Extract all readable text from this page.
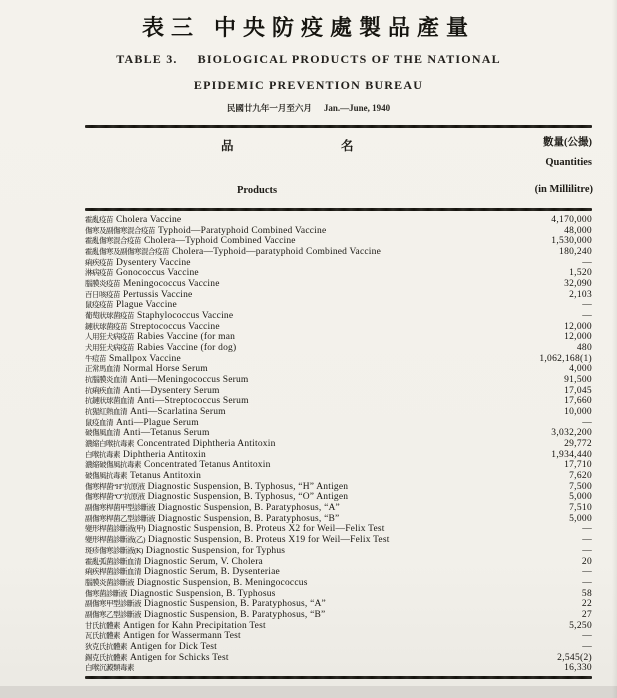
表三 中央防疫處製品產量
TABLE 3. BIOLOGICAL PRODUCTS OF THE NATIONAL
EPIDEMIC PREVENTION BUREAU
民國廿九年一月至六月 Jan.—June, 1940
品	名	數量(公撮)
Quantities
Products	(in Millilitre)
霍亂疫苗 Cholera Vaccine	4,170,000
傷寒及副傷寒混合疫苗 Typhoid—Paratyphoid Combined Vaccine	48,000
霍亂傷寒混合疫苗 Cholera—Typhoid Combined Vaccine	1,530,000
霍亂傷寒及副傷寒混合疫苗 Cholera—Typhoid—paratyphoid Combined Vaccine	180,240
痢疾疫苗 Dysentery Vaccine	—
淋病疫苗 Gonococcus Vaccine	1,520
腦膜炎疫苗 Meningococcus Vaccine	32,090
百日咳疫苗 Pertussis Vaccine	2,103
鼠疫疫苗 Plague Vaccine	—
葡萄狀球菌疫苗 Staphylococcus Vaccine	—
鏈狀球菌疫苗 Streptococcus Vaccine	12,000
人用狂犬病疫苗 Rabies Vaccine (for man	12,000
犬用狂犬病疫苗 Rabies Vaccine (for dog)	480
牛痘苗 Smallpox Vaccine	1,062,168(1)
正常馬血清 Normal Horse Serum	4,000
抗腦膜炎血清 Anti—Meningococcus Serum	91,500
抗痢疾血清 Anti—Dysentery Serum	17,045
抗鏈狀球菌血清 Anti—Streptococcus Serum	17,660
抗猩紅熱血清 Anti—Scarlatina Serum	10,000
鼠疫血清 Anti—Plague Serum	—
破傷風血清 Anti—Tetanus Serum	3,032,200
濃縮白喉抗毒素 Concentrated Diphtheria Antitoxin	29,772
白喉抗毒素 Diphtheria Antitoxin	1,934,440
濃縮破傷風抗毒素 Concentrated Tetanus Antitoxin	17,710
破傷風抗毒素 Tetanus Antitoxin	7,620
傷寒桿菌“H”抗原液 Diagnostic Suspension, B. Typhosus, “H” Antigen	7,500
傷寒桿菌“O”抗原液 Diagnostic Suspension, B. Typhosus, “O” Antigen	5,000
副傷寒桿菌甲型診斷液 Diagnostic Suspension, B. Paratyphosus, “A”	7,510
副傷寒桿菌乙型診斷液 Diagnostic Suspension, B. Paratyphosus, “B”	5,000
變形桿菌診斷液(甲) Diagnostic Suspension, B. Proteus X2 for Weil—Felix Test	—
變形桿菌診斷液(乙) Diagnostic Suspension, B. Proteus X19 for Weil—Felix Test	—
斑疹傷寒診斷液(K) Diagnostic Suspension, for Typhus	—
霍亂弧菌診斷血清 Diagnostic Serum, V. Cholera	20
痢疾桿菌診斷血清 Diagnostic Serum, B. Dysenteriae	—
腦膜炎菌診斷液 Diagnostic Suspension, B. Meningococcus	—
傷寒菌診斷液 Diagnostic Suspension, B. Typhosus	58
副傷寒甲型診斷液 Diagnostic Suspension, B. Paratyphosus, “A”	22
副傷寒乙型診斷液 Diagnostic Suspension, B. Paratyphosus, “B”	27
甘氏抗體素 Antigen for Kahn Precipitation Test	5,250
瓦氏抗體素 Antigen for Wassermann Test	—
狄克氏抗體素 Antigen for Dick Test	—
錫克氏抗體素 Antigen for Schicks Test	2,545(2)
白喉沉澱類毒素	16,330
